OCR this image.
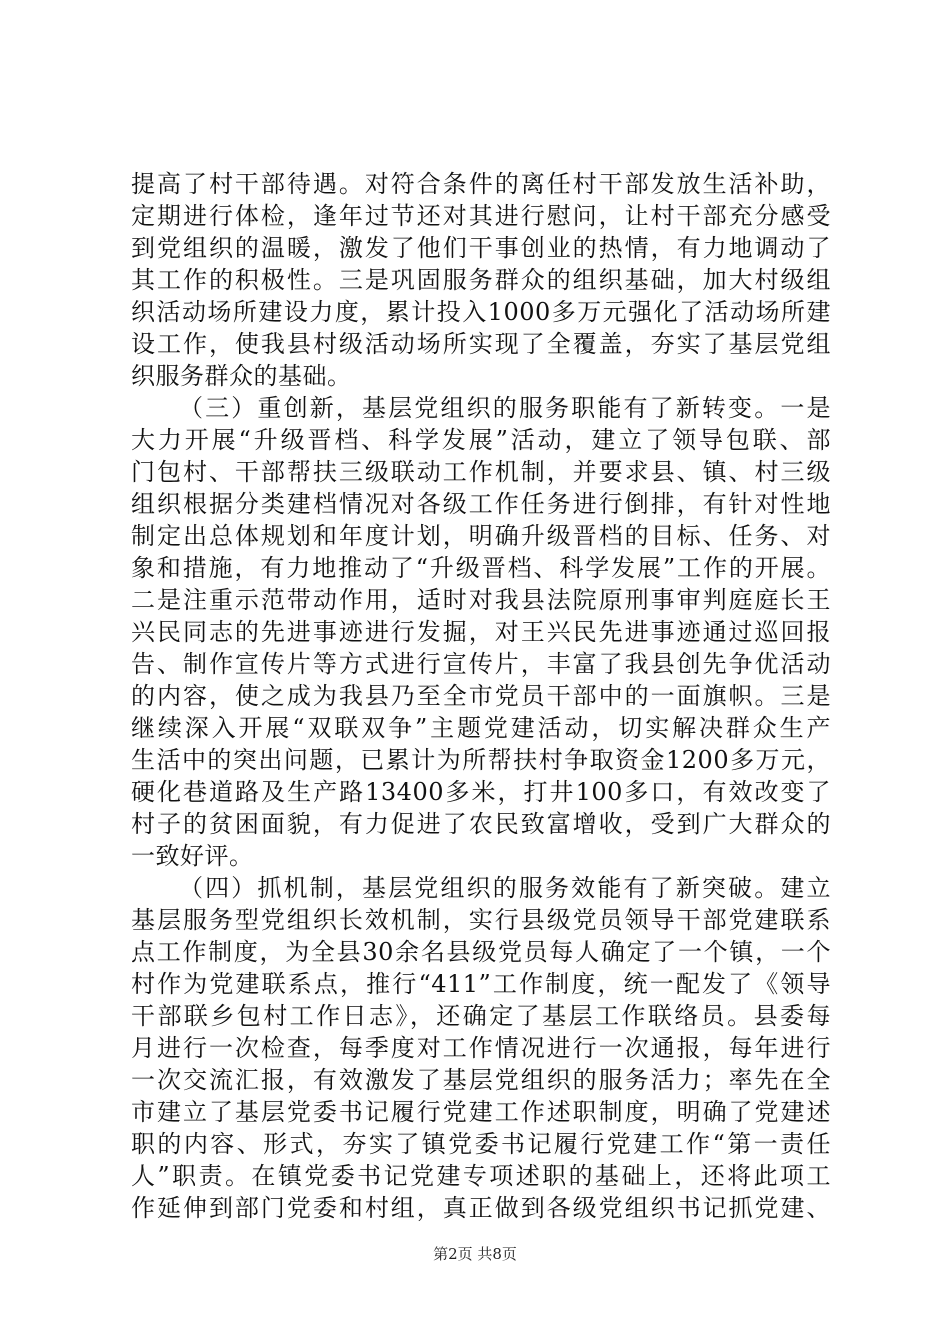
提高了村干部待遇。对符合条件的离任村干部发放生活补助，
定期进行体检，逢年过节还对其进行慰问，让村干部充分感受
到党组织的温暖，激发了他们干事创业的热情，有力地调动了
其工作的积极性。三是巩固服务群众的组织基础，加大村级组
织活动场所建设力度，累计投入1000多万元强化了活动场所建
设工作，使我县村级活动场所实现了全覆盖，夯实了基层党组
织服务群众的基础。
（三）重创新，基层党组织的服务职能有了新转变。一是
大力开展“升级晋档、科学发展”活动，建立了领导包联、部
门包村、干部帮扶三级联动工作机制，并要求县、镇、村三级
组织根据分类建档情况对各级工作任务进行倒排，有针对性地
制定出总体规划和年度计划，明确升级晋档的目标、任务、对
象和措施，有力地推动了“升级晋档、科学发展”工作的开展。
二是注重示范带动作用，适时对我县法院原刑事审判庭庭长王
兴民同志的先进事迹进行发掘，对王兴民先进事迹通过巡回报
告、制作宣传片等方式进行宣传片，丰富了我县创先争优活动
的内容，使之成为我县乃至全市党员干部中的一面旗帜。三是
继续深入开展“双联双争”主题党建活动，切实解决群众生产
生活中的突出问题，已累计为所帮扶村争取资金1200多万元，
硬化巷道路及生产路13400多米，打井100多口，有效改变了
村子的贫困面貌，有力促进了农民致富增收，受到广大群众的
一致好评。
（四）抓机制，基层党组织的服务效能有了新突破。建立
基层服务型党组织长效机制，实行县级党员领导干部党建联系
点工作制度，为全县30余名县级党员每人确定了一个镇，一个
村作为党建联系点，推行“411”工作制度，统一配发了《领导
干部联乡包村工作日志》，还确定了基层工作联络员。县委每
月进行一次检查，每季度对工作情况进行一次通报，每年进行
一次交流汇报，有效激发了基层党组织的服务活力；率先在全
市建立了基层党委书记履行党建工作述职制度，明确了党建述
职的内容、形式，夯实了镇党委书记履行党建工作“第一责任
人”职责。在镇党委书记党建专项述职的基础上，还将此项工
作延伸到部门党委和村组，真正做到各级党组织书记抓党建、
第2页 共8页
